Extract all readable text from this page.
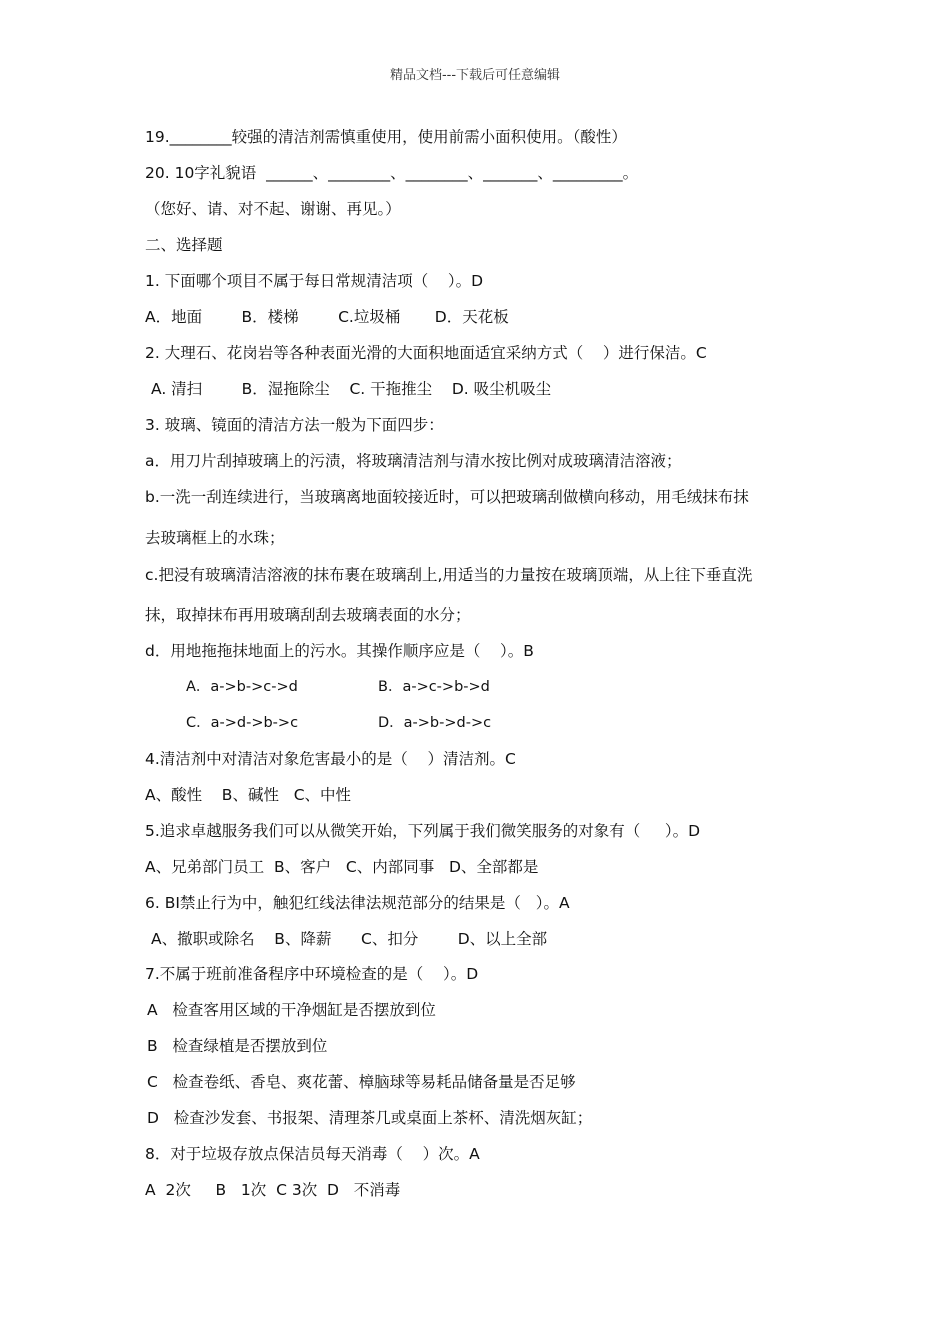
精品文档---下载后可任意编辑
19.________较强的清洁剂需慎重使用，使用前需小面积使用。（酸性）
20. 10字礼貌语  ______、________、________、_______、_________。
（您好、请、对不起、谢谢、再见。）
二、选择题
1. 下面哪个项目不属于每日常规清洁项（    ）。D
A．地面        B．楼梯        C.垃圾桶       D．天花板
2. 大理石、花岗岩等各种表面光滑的大面积地面适宜采纳方式（    ）进行保洁。C
A. 清扫        B．湿拖除尘    C. 干拖推尘    D. 吸尘机吸尘
3. 玻璃、镜面的清洁方法一般为下面四步：
a．用刀片刮掉玻璃上的污渍，将玻璃清洁剂与清水按比例对成玻璃清洁溶液；
b.一洗一刮连续进行，当玻璃离地面较接近时，可以把玻璃刮做横向移动，用毛绒抹布抹
去玻璃框上的水珠；
c.把浸有玻璃清洁溶液的抹布裹在玻璃刮上,用适当的力量按在玻璃顶端，从上往下垂直洗
抹，取掉抹布再用玻璃刮刮去玻璃表面的水分；
d．用地拖拖抹地面上的污水。其操作顺序应是（    ）。B
A．a->b->c->d	B．a->c->b->d
C．a->d->b->c	D．a->b->d->c
4.清洁剂中对清洁对象危害最小的是（    ）清洁剂。C
A、酸性    B、碱性   C、中性
5.追求卓越服务我们可以从微笑开始，下列属于我们微笑服务的对象有（     ）。D
A、兄弟部门员工  B、客户   C、内部同事   D、全部都是
6. BI禁止行为中，触犯红线法律法规范部分的结果是（   ）。A
A、撤职或除名    B、降薪      C、扣分        D、以上全部
7.不属于班前准备程序中环境检查的是（    ）。D
A   检查客用区域的干净烟缸是否摆放到位
B   检查绿植是否摆放到位
C   检查卷纸、香皂、爽花蕾、樟脑球等易耗品储备量是否足够
D   检查沙发套、书报架、清理茶几或桌面上茶杯、清洗烟灰缸；
8．对于垃圾存放点保洁员每天消毒（    ）次。A
A  2次     B   1次  C 3次  D   不消毒
